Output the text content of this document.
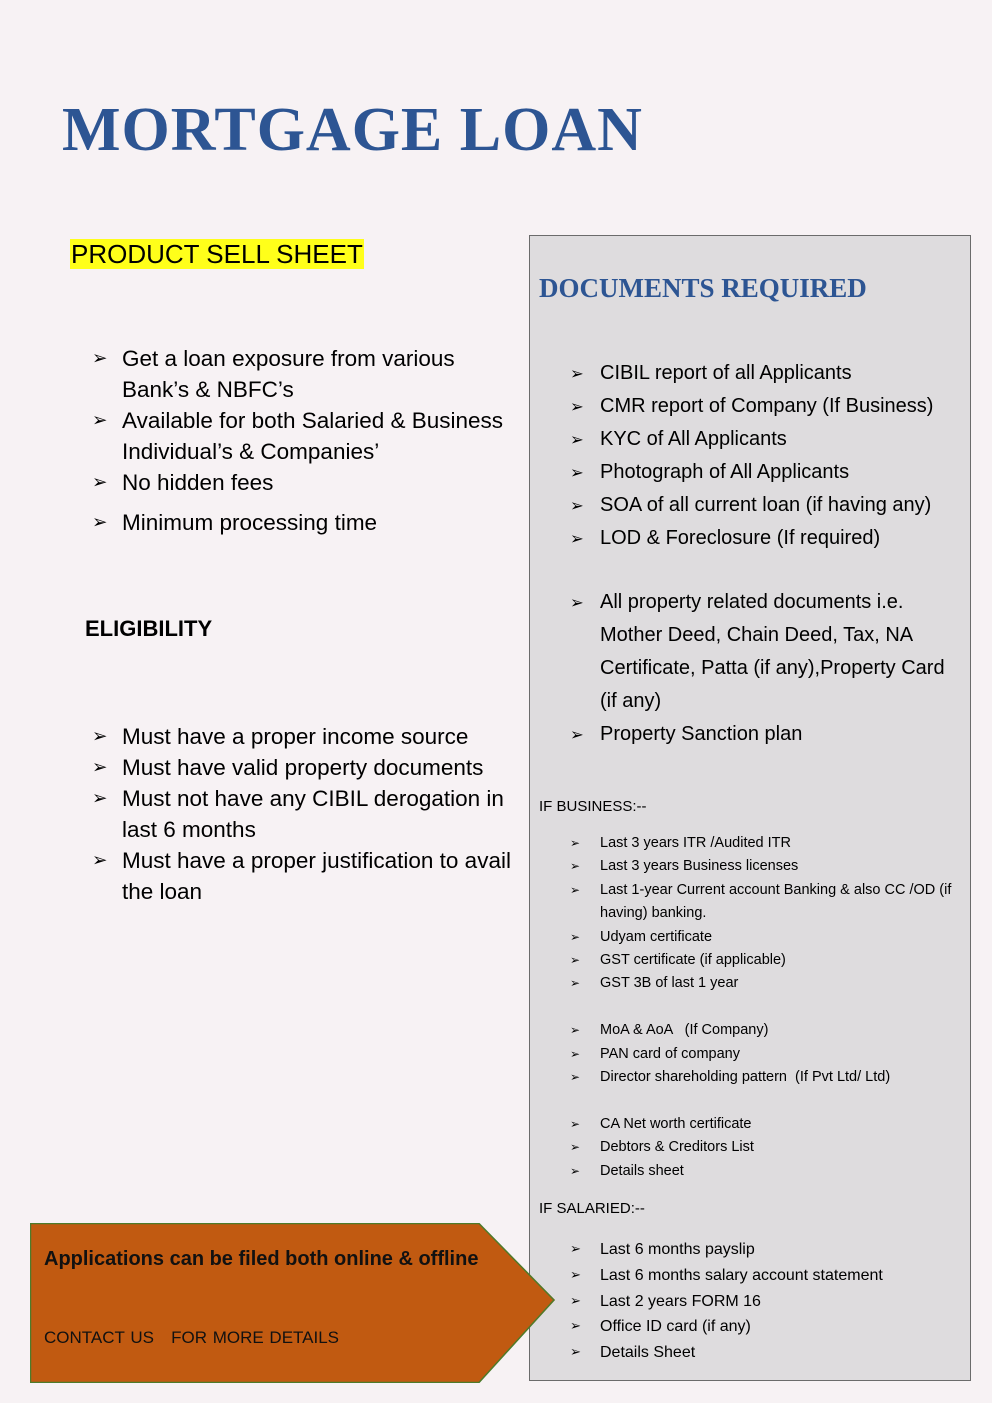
MORTGAGE LOAN
PRODUCT SELL SHEET
➢ Get a loan exposure from various Bank’s & NBFC’s
➢ Available for both Salaried & Business Individual’s & Companies’
➢ No hidden fees
➢ Minimum processing time
ELIGIBILITY
➢ Must have a proper income source
➢ Must have valid property documents
➢ Must not have any CIBIL derogation in last 6 months
➢ Must have a proper justification to avail the loan
DOCUMENTS REQUIRED
➢ CIBIL report of all Applicants
➢ CMR report of Company (If Business)
➢ KYC of All Applicants
➢ Photograph of All Applicants
➢ SOA of all current loan (if having any)
➢ LOD & Foreclosure (If required)
➢ All property related documents i.e. Mother Deed, Chain Deed, Tax, NA Certificate, Patta (if any),Property Card (if any)
➢ Property Sanction plan
IF BUSINESS:--
➢ Last 3 years ITR /Audited ITR
➢ Last 3 years Business licenses
➢ Last 1-year Current account Banking & also CC /OD (if having) banking.
➢ Udyam certificate
➢ GST certificate (if applicable)
➢ GST 3B of last 1 year
➢ MoA & AoA   (If Company)
➢ PAN card of company
➢ Director shareholding pattern  (If Pvt Ltd/ Ltd)
➢ CA Net worth certificate
➢ Debtors & Creditors List
➢ Details sheet
IF SALARIED:--
➢ Last 6 months payslip
➢ Last 6 months salary account statement
➢ Last 2 years FORM 16
➢ Office ID card (if any)
➢ Details Sheet
Applications can be filed both online & offline
CONTACT US   FOR MORE DETAILS
